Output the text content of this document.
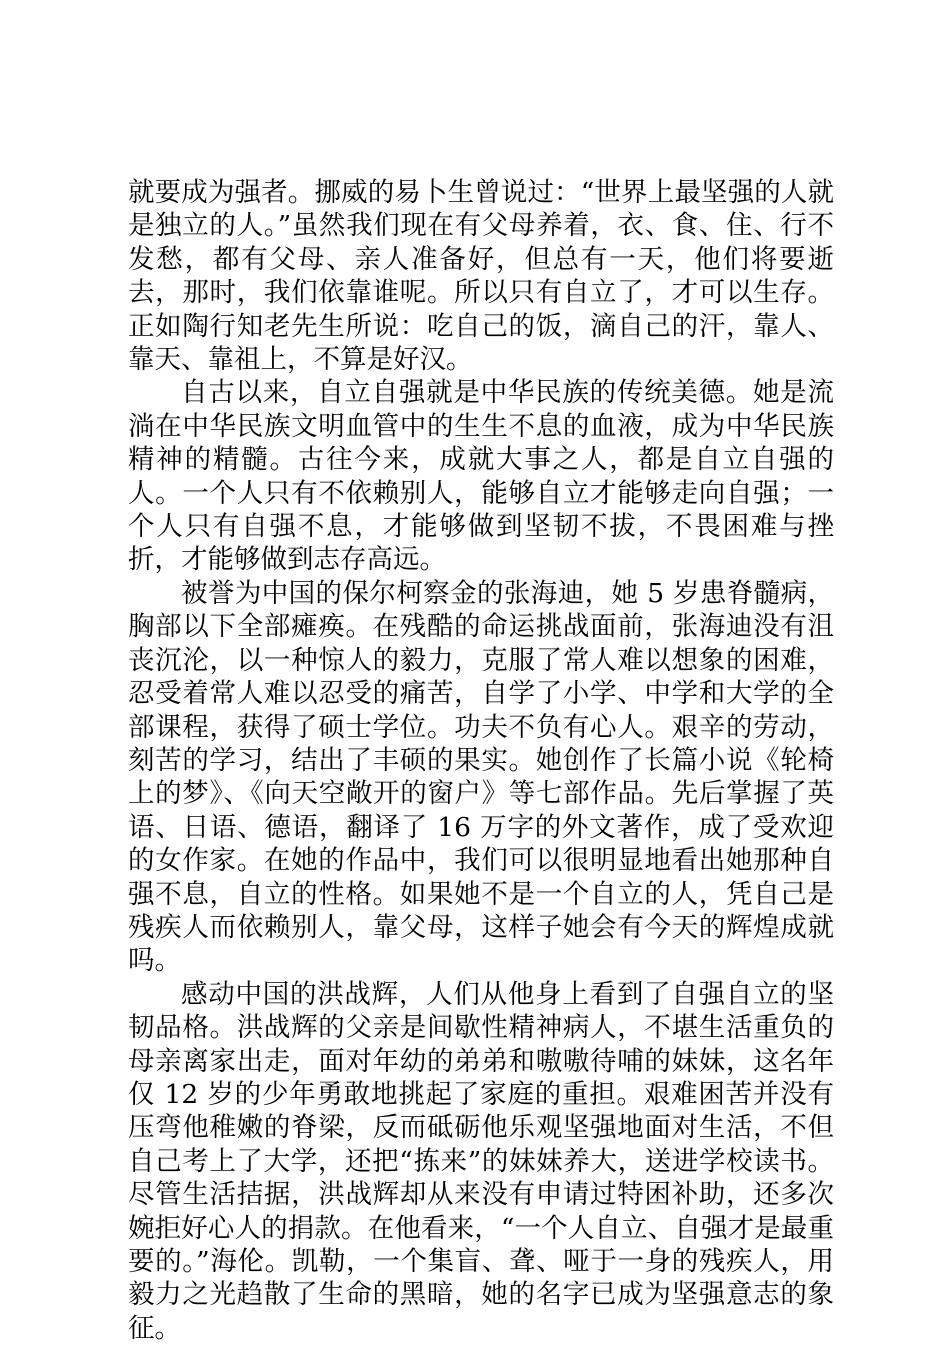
就要成为强者。挪威的易卜生曾说过：“世界上最坚强的人就是独立的人。”虽然我们现在有父母养着，衣、食、住、行不发愁，都有父母、亲人准备好，但总有一天，他们将要逝去，那时，我们依靠谁呢。所以只有自立了，才可以生存。正如陶行知老先生所说：吃自己的饭，滴自己的汗，靠人、靠天、靠祖上，不算是好汉。

自古以来，自立自强就是中华民族的传统美德。她是流淌在中华民族文明血管中的生生不息的血液，成为中华民族精神的精髓。古往今来，成就大事之人，都是自立自强的人。一个人只有不依赖别人，能够自立才能够走向自强；一个人只有自强不息，才能够做到坚韧不拔，不畏困难与挫折，才能够做到志存高远。

被誉为中国的保尔柯察金的张海迪，她 5 岁患脊髓病，胸部以下全部瘫痪。在残酷的命运挑战面前，张海迪没有沮丧沉沦，以一种惊人的毅力，克服了常人难以想象的困难，忍受着常人难以忍受的痛苦，自学了小学、中学和大学的全部课程，获得了硕士学位。功夫不负有心人。艰辛的劳动，刻苦的学习，结出了丰硕的果实。她创作了长篇小说《轮椅上的梦》、《向天空敞开的窗户》等七部作品。先后掌握了英语、日语、德语，翻译了 16 万字的外文著作，成了受欢迎的女作家。在她的作品中，我们可以很明显地看出她那种自强不息，自立的性格。如果她不是一个自立的人，凭自己是残疾人而依赖别人，靠父母，这样子她会有今天的辉煌成就吗。

感动中国的洪战辉，人们从他身上看到了自强自立的坚韧品格。洪战辉的父亲是间歇性精神病人，不堪生活重负的母亲离家出走，面对年幼的弟弟和嗷嗷待哺的妹妹，这名年仅 12 岁的少年勇敢地挑起了家庭的重担。艰难困苦并没有压弯他稚嫩的脊梁，反而砥砺他乐观坚强地面对生活，不但自己考上了大学，还把“拣来”的妹妹养大，送进学校读书。尽管生活拮据，洪战辉却从来没有申请过特困补助，还多次婉拒好心人的捐款。在他看来，“一个人自立、自强才是最重要的。”海伦。凯勒，一个集盲、聋、哑于一身的残疾人，用毅力之光趋散了生命的黑暗，她的名字已成为坚强意志的象征。
